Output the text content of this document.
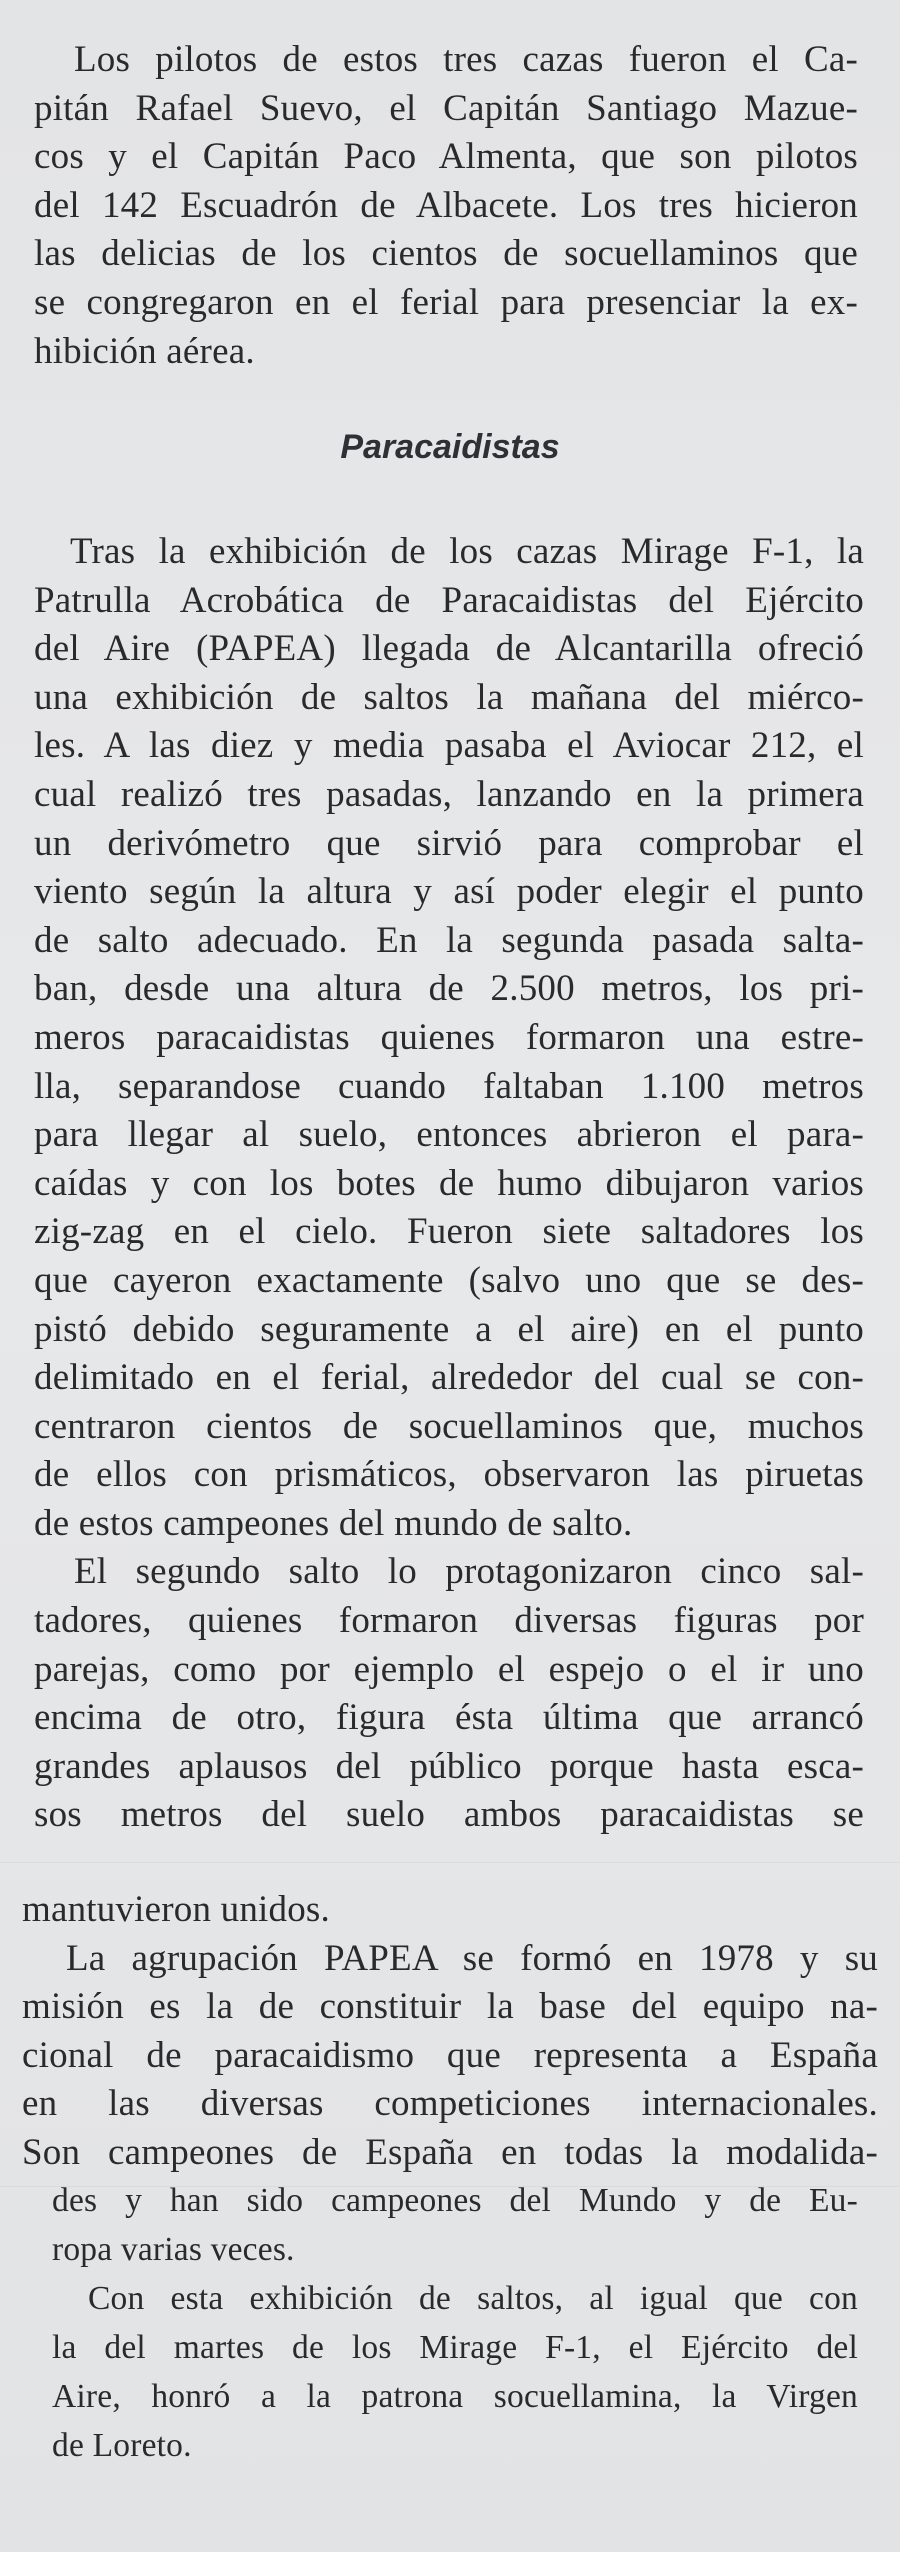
Los pilotos de estos tres cazas fueron el Ca-
pitán Rafael Suevo, el Capitán Santiago Mazue-
cos y el Capitán Paco Almenta, que son pilotos
del 142 Escuadrón de Albacete. Los tres hicieron
las delicias de los cientos de socuellaminos que
se congregaron en el ferial para presenciar la ex-
hibición aérea.
Paracaidistas
Tras la exhibición de los cazas Mirage F-1, la
Patrulla Acrobática de Paracaidistas del Ejército
del Aire (PAPEA) llegada de Alcantarilla ofreció
una exhibición de saltos la mañana del miérco-
les. A las diez y media pasaba el Aviocar 212, el
cual realizó tres pasadas, lanzando en la primera
un derivómetro que sirvió para comprobar el
viento según la altura y así poder elegir el punto
de salto adecuado. En la segunda pasada salta-
ban, desde una altura de 2.500 metros, los pri-
meros paracaidistas quienes formaron una estre-
lla, separandose cuando faltaban 1.100 metros
para llegar al suelo, entonces abrieron el para-
caídas y con los botes de humo dibujaron varios
zig-zag en el cielo. Fueron siete saltadores los
que cayeron exactamente (salvo uno que se des-
pistó debido seguramente a el aire) en el punto
delimitado en el ferial, alrededor del cual se con-
centraron cientos de socuellaminos que, muchos
de ellos con prismáticos, observaron las piruetas
de estos campeones del mundo de salto.
El segundo salto lo protagonizaron cinco sal-
tadores, quienes formaron diversas figuras por
parejas, como por ejemplo el espejo o el ir uno
encima de otro, figura ésta última que arrancó
grandes aplausos del público porque hasta esca-
sos metros del suelo ambos paracaidistas se
mantuvieron unidos.
La agrupación PAPEA se formó en 1978 y su
misión es la de constituir la base del equipo na-
cional de paracaidismo que representa a España
en las diversas competiciones internacionales.
Son campeones de España en todas la modalida-
des y han sido campeones del Mundo y de Eu-
ropa varias veces.
Con esta exhibición de saltos, al igual que con
la del martes de los Mirage F-1, el Ejército del
Aire, honró a la patrona socuellamina, la Virgen
de Loreto.
